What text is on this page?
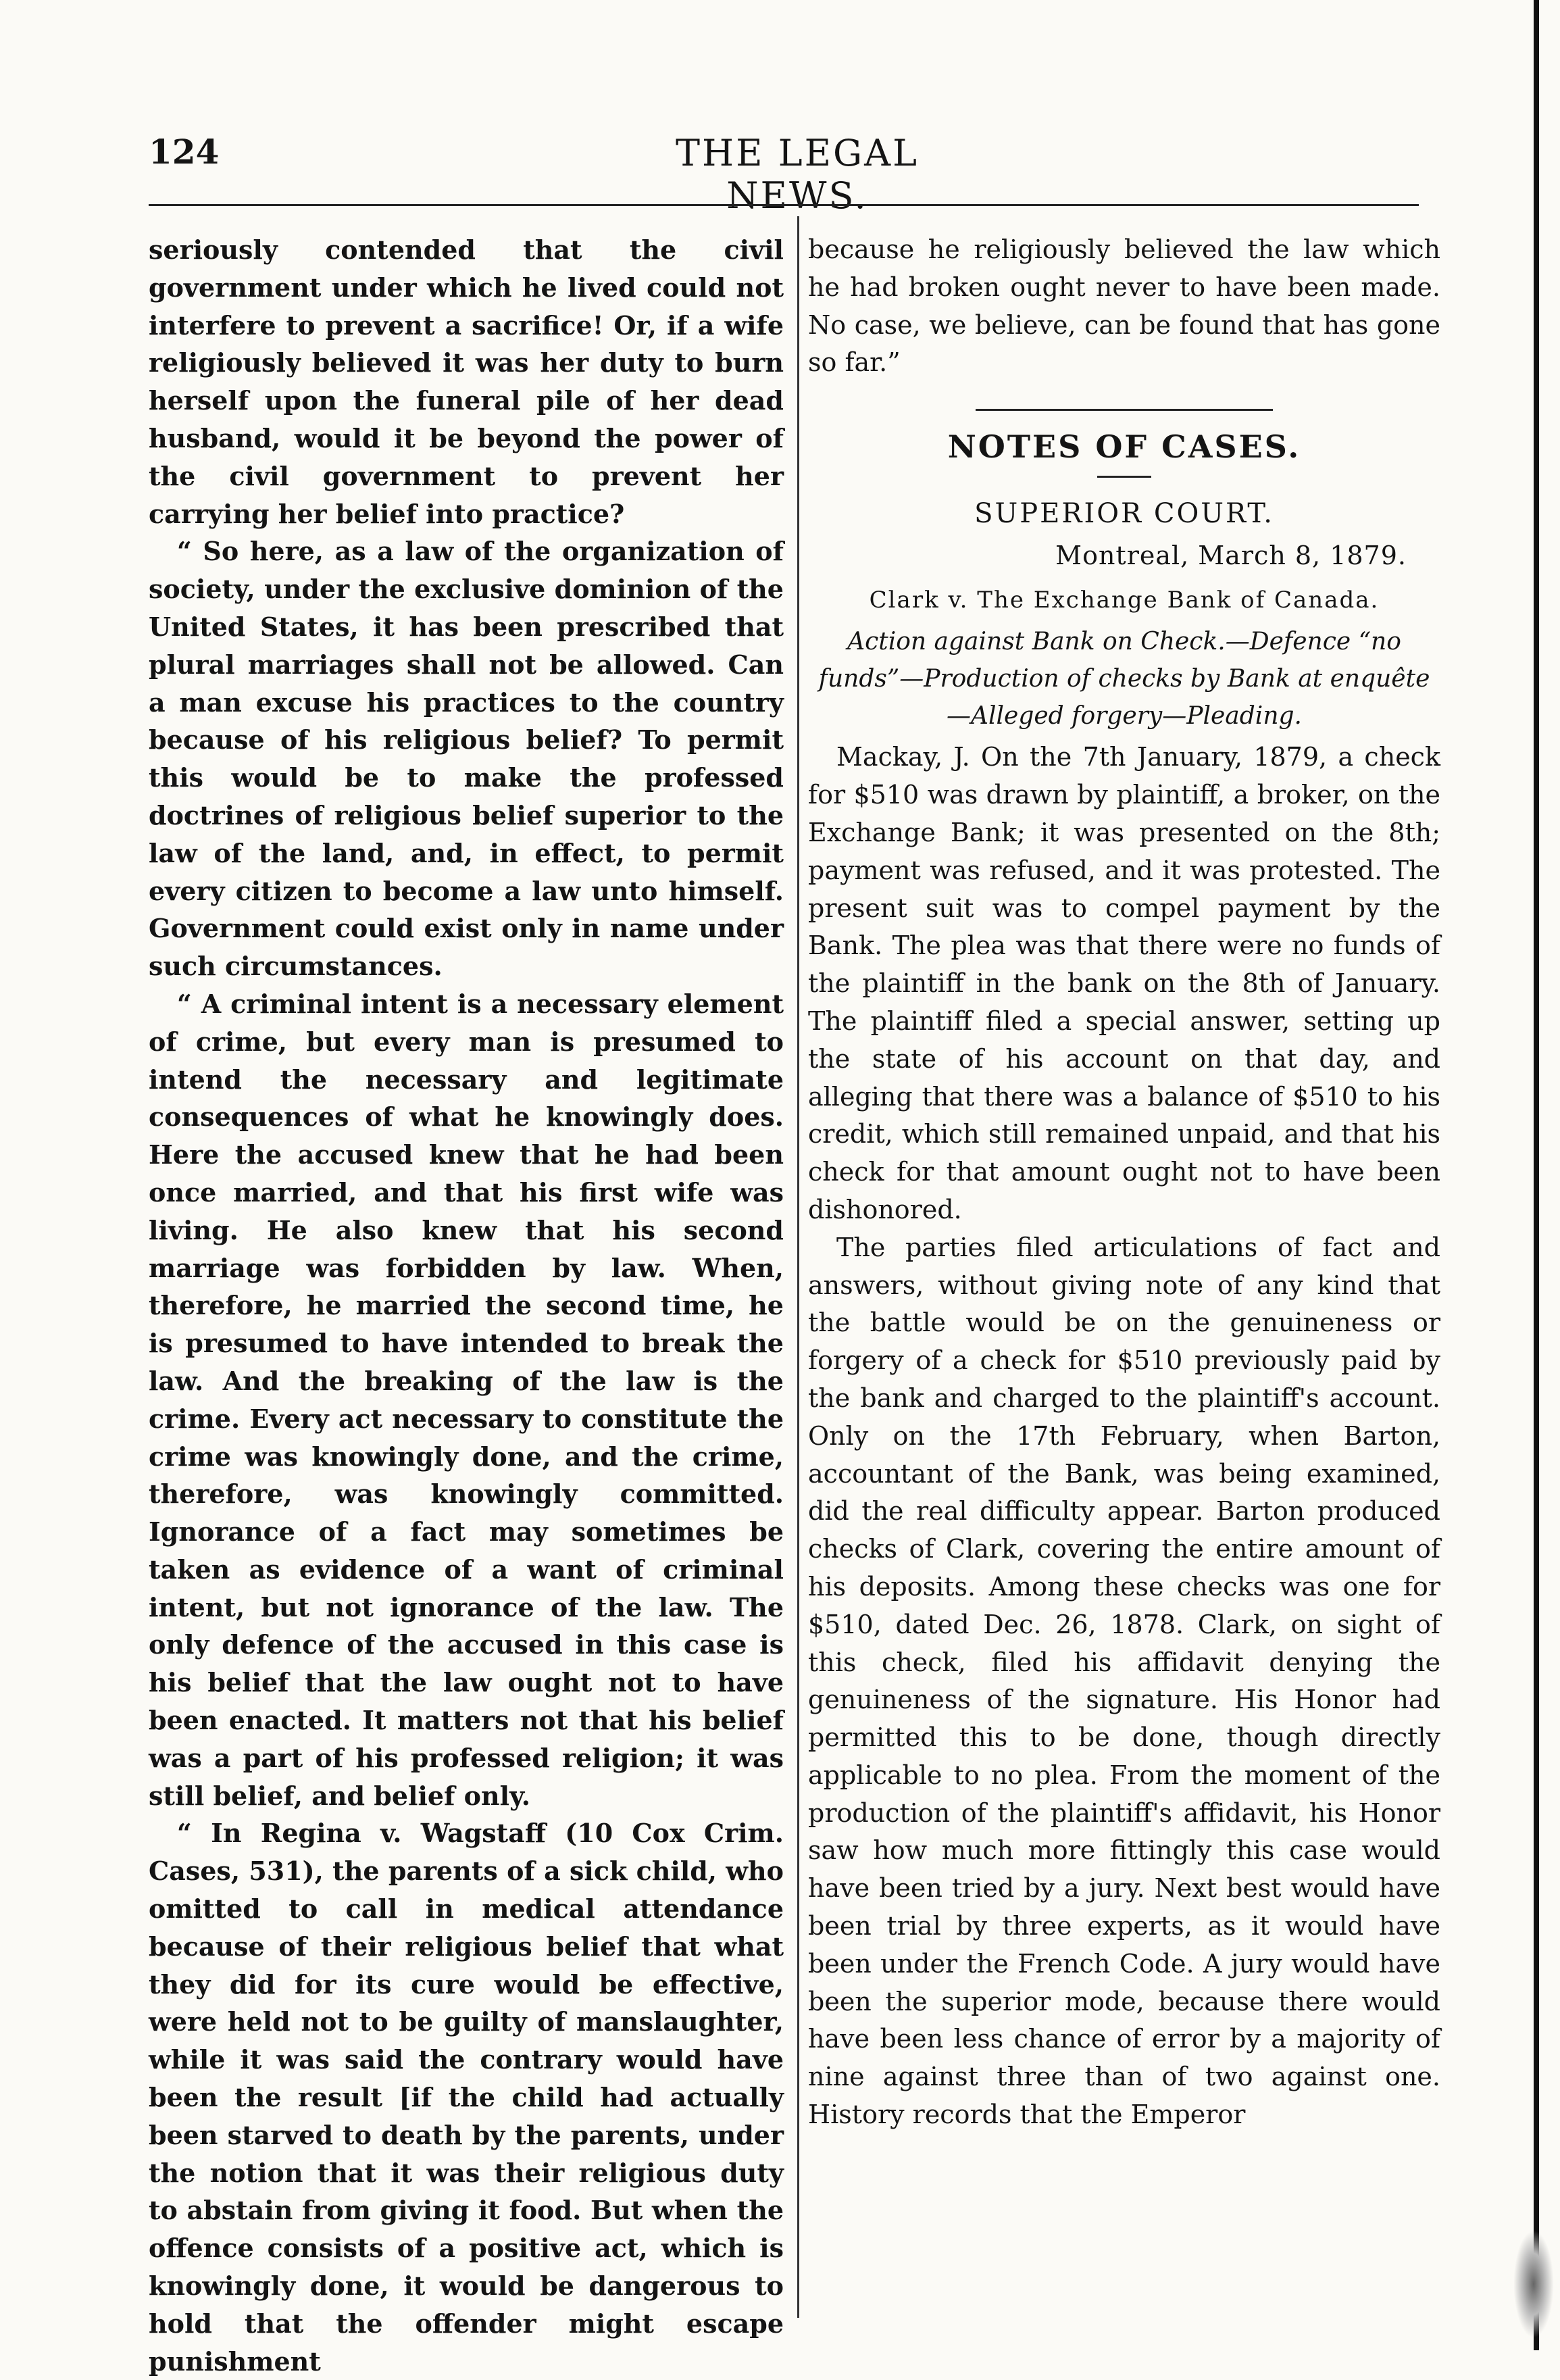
124	THE LEGAL NEWS.

seriously contended that the civil government under which he lived could not interfere to prevent a sacrifice! Or, if a wife religiously believed it was her duty to burn herself upon the funeral pile of her dead husband, would it be beyond the power of the civil government to prevent her carrying her belief into practice?

“ So here, as a law of the organization of society, under the exclusive dominion of the United States, it has been prescribed that plural marriages shall not be allowed. Can a man excuse his practices to the country because of his religious belief? To permit this would be to make the professed doctrines of religious belief superior to the law of the land, and, in effect, to permit every citizen to become a law unto himself. Government could exist only in name under such circumstances.

“ A criminal intent is a necessary element of crime, but every man is presumed to intend the necessary and legitimate consequences of what he knowingly does. Here the accused knew that he had been once married, and that his first wife was living. He also knew that his second marriage was forbidden by law. When, therefore, he married the second time, he is presumed to have intended to break the law. And the breaking of the law is the crime. Every act necessary to constitute the crime was knowingly done, and the crime, therefore, was knowingly committed. Ignorance of a fact may sometimes be taken as evidence of a want of criminal intent, but not ignorance of the law. The only defence of the accused in this case is his belief that the law ought not to have been enacted. It matters not that his belief was a part of his professed religion; it was still belief, and belief only.

“ In Regina v. Wagstaff (10 Cox Crim. Cases, 531), the parents of a sick child, who omitted to call in medical attendance because of their religious belief that what they did for its cure would be effective, were held not to be guilty of manslaughter, while it was said the contrary would have been the result [if the child had actually been starved to death by the parents, under the notion that it was their religious duty to abstain from giving it food. But when the offence consists of a positive act, which is knowingly done, it would be dangerous to hold that the offender might escape punishment

because he religiously believed the law which he had broken ought never to have been made. No case, we believe, can be found that has gone so far.”

NOTES OF CASES.
SUPERIOR COURT.
Montreal, March 8, 1879.
Clark v. The Exchange Bank of Canada.
Action against Bank on Check.—Defence “no funds”—Production of checks by Bank at enquête—Alleged forgery—Pleading.

Mackay, J. On the 7th January, 1879, a check for $510 was drawn by plaintiff, a broker, on the Exchange Bank; it was presented on the 8th; payment was refused, and it was protested. The present suit was to compel payment by the Bank. The plea was that there were no funds of the plaintiff in the bank on the 8th of January. The plaintiff filed a special answer, setting up the state of his account on that day, and alleging that there was a balance of $510 to his credit, which still remained unpaid, and that his check for that amount ought not to have been dishonored.

The parties filed articulations of fact and answers, without giving note of any kind that the battle would be on the genuineness or forgery of a check for $510 previously paid by the bank and charged to the plaintiff's account. Only on the 17th February, when Barton, accountant of the Bank, was being examined, did the real difficulty appear. Barton produced checks of Clark, covering the entire amount of his deposits. Among these checks was one for $510, dated Dec. 26, 1878. Clark, on sight of this check, filed his affidavit denying the genuineness of the signature. His Honor had permitted this to be done, though directly applicable to no plea. From the moment of the production of the plaintiff's affidavit, his Honor saw how much more fittingly this case would have been tried by a jury. Next best would have been trial by three experts, as it would have been under the French Code. A jury would have been the superior mode, because there would have been less chance of error by a majority of nine against three than of two against one. History records that the Emperor
